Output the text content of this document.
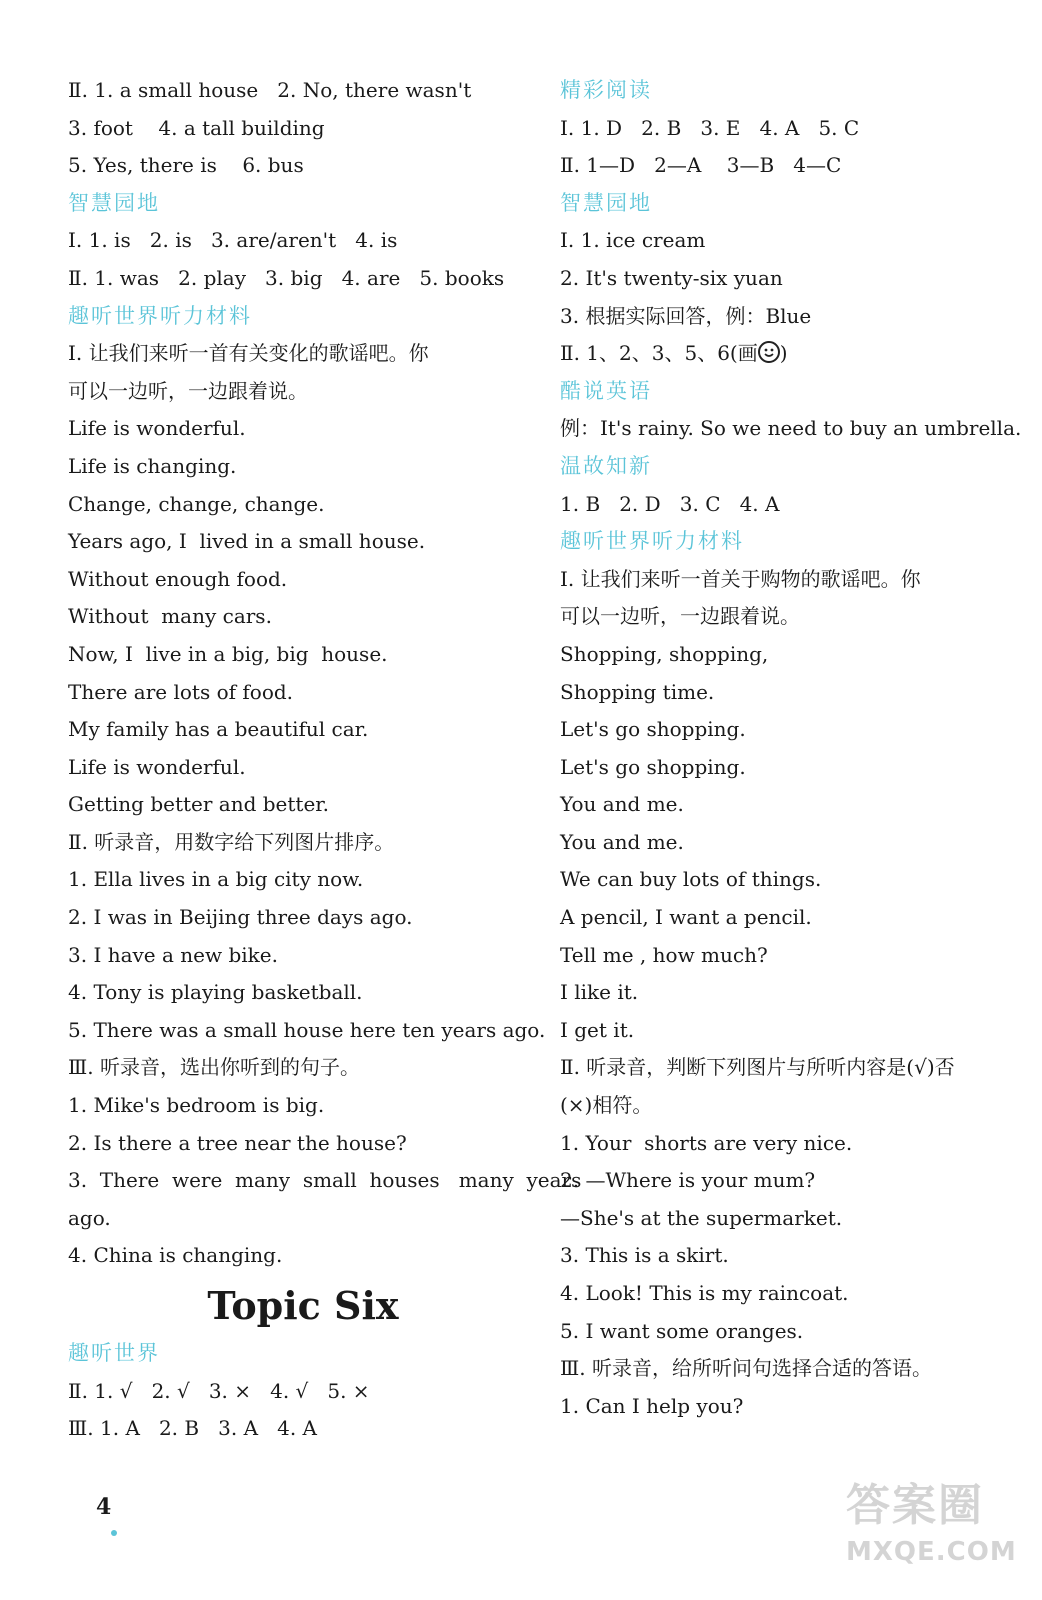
Ⅱ. 1. a small house   2. No, there wasn't
3. foot    4. a tall building
5. Yes, there is    6. bus
智慧园地
Ⅰ. 1. is   2. is   3. are/aren't   4. is
Ⅱ. 1. was   2. play   3. big   4. are   5. books
趣听世界听力材料
Ⅰ. 让我们来听一首有关变化的歌谣吧。你
可以一边听，一边跟着说。
Life is wonderful.
Life is changing.
Change, change, change.
Years ago, I  lived in a small house.
Without enough food.
Without  many cars.
Now, I  live in a big, big  house.
There are lots of food.
My family has a beautiful car.
Life is wonderful.
Getting better and better.
Ⅱ. 听录音，用数字给下列图片排序。
1. Ella lives in a big city now.
2. I was in Beijing three days ago.
3. I have a new bike.
4. Tony is playing basketball.
5. There was a small house here ten years ago.
Ⅲ. 听录音，选出你听到的句子。
1. Mike's bedroom is big.
2. Is there a tree near the house?
3.  There  were  many  small  houses   many  years
ago.
4. China is changing.
Topic Six
趣听世界
Ⅱ. 1. √   2. √   3. ×   4. √   5. ×
Ⅲ. 1. A   2. B   3. A   4. A
精彩阅读
Ⅰ. 1. D   2. B   3. E   4. A   5. C
Ⅱ. 1—D   2—A    3—B   4—C
智慧园地
Ⅰ. 1. ice cream
2. It's twenty-six yuan
3. 根据实际回答，例：Blue
Ⅱ. 1、2、3、5、6(画 )
酷说英语
例：It's rainy. So we need to buy an umbrella.
温故知新
1. B   2. D   3. C   4. A
趣听世界听力材料
Ⅰ. 让我们来听一首关于购物的歌谣吧。你
可以一边听，一边跟着说。
Shopping, shopping,
Shopping time.
Let's go shopping.
Let's go shopping.
You and me.
You and me.
We can buy lots of things.
A pencil, I want a pencil.
Tell me , how much?
I like it.
I get it.
Ⅱ. 听录音，判断下列图片与所听内容是(√)否
(×)相符。
1. Your  shorts are very nice.
2. —Where is your mum?
—She's at the supermarket.
3. This is a skirt.
4. Look! This is my raincoat.
5. I want some oranges.
Ⅲ. 听录音，给所听问句选择合适的答语。
1. Can I help you?
4	答案圈
MXQE.COM
